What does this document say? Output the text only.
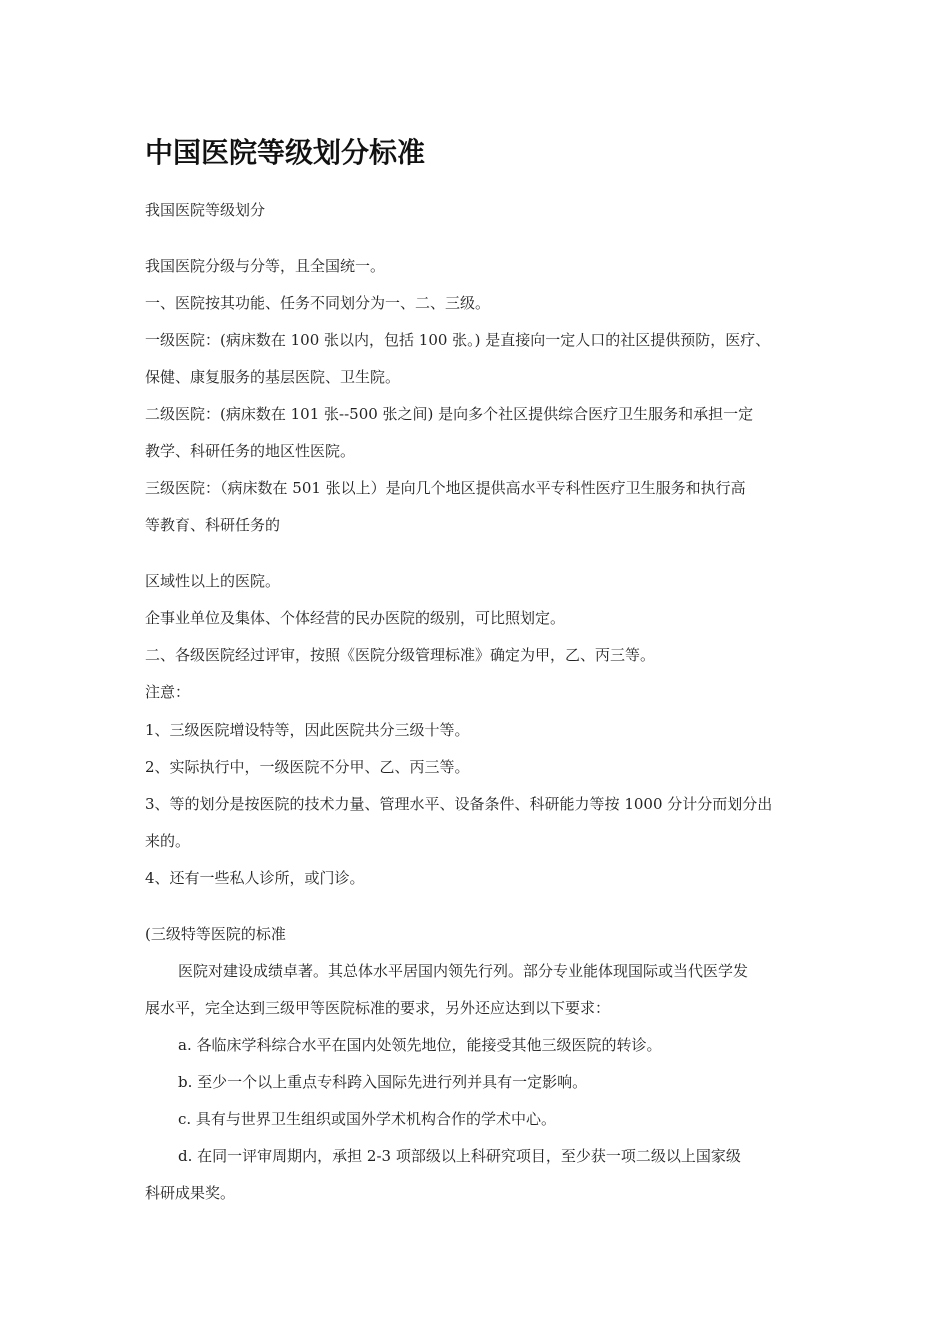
中国医院等级划分标准
我国医院等级划分
我国医院分级与分等，且全国统一。
一、医院按其功能、任务不同划分为一、二、三级。
一级医院：(病床数在 100 张以内，包括 100 张。) 是直接向一定人口的社区提供预防，医疗、
保健、康复服务的基层医院、卫生院。
二级医院：(病床数在 101 张--500 张之间) 是向多个社区提供综合医疗卫生服务和承担一定
教学、科研任务的地区性医院。
三级医院：（病床数在 501 张以上）是向几个地区提供高水平专科性医疗卫生服务和执行高
等教育、科研任务的
区域性以上的医院。
企事业单位及集体、个体经营的民办医院的级别，可比照划定。
二、各级医院经过评审，按照《医院分级管理标准》确定为甲，乙、丙三等。
注意：
1、三级医院增设特等，因此医院共分三级十等。
2、实际执行中，一级医院不分甲、乙、丙三等。
3、等的划分是按医院的技术力量、管理水平、设备条件、科研能力等按 1000 分计分而划分出
来的。
4、还有一些私人诊所，或门诊。
(三级特等医院的标准
医院对建设成绩卓著。其总体水平居国内领先行列。部分专业能体现国际或当代医学发
展水平，完全达到三级甲等医院标准的要求，另外还应达到以下要求：
a. 各临床学科综合水平在国内处领先地位，能接受其他三级医院的转诊。
b. 至少一个以上重点专科跨入国际先进行列并具有一定影响。
c. 具有与世界卫生组织或国外学术机构合作的学术中心。
d. 在同一评审周期内，承担 2-3 项部级以上科研究项目，至少获一项二级以上国家级
科研成果奖。
